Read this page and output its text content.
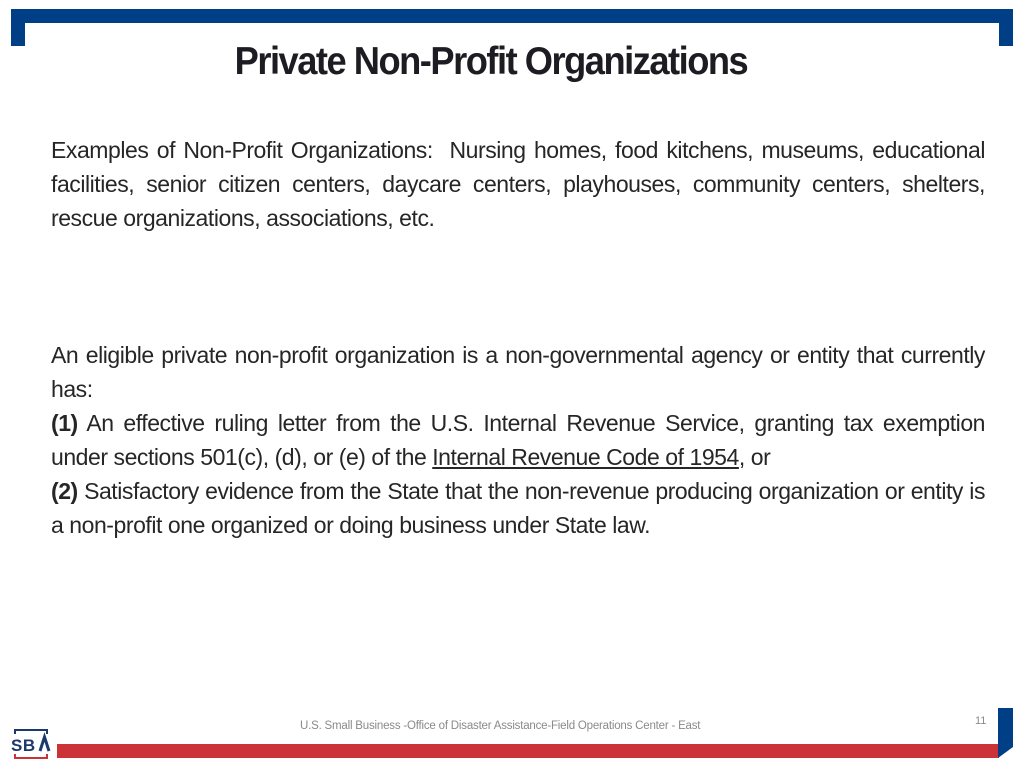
Private Non-Profit Organizations

Examples of Non-Profit Organizations:  Nursing homes, food kitchens, museums, educational facilities, senior citizen centers, daycare centers, playhouses, community centers, shelters, rescue organizations, associations, etc.

An eligible private non-profit organization is a non-governmental agency or entity that currently has:

(1) An effective ruling letter from the U.S. Internal Revenue Service, granting tax exemption under sections 501(c), (d), or (e) of the Internal Revenue Code of 1954, or

(2) Satisfactory evidence from the State that the non-revenue producing organization or entity is a non-profit one organized or doing business under State law.

U.S. Small Business -Office of Disaster Assistance-Field Operations Center - East	11
SB
